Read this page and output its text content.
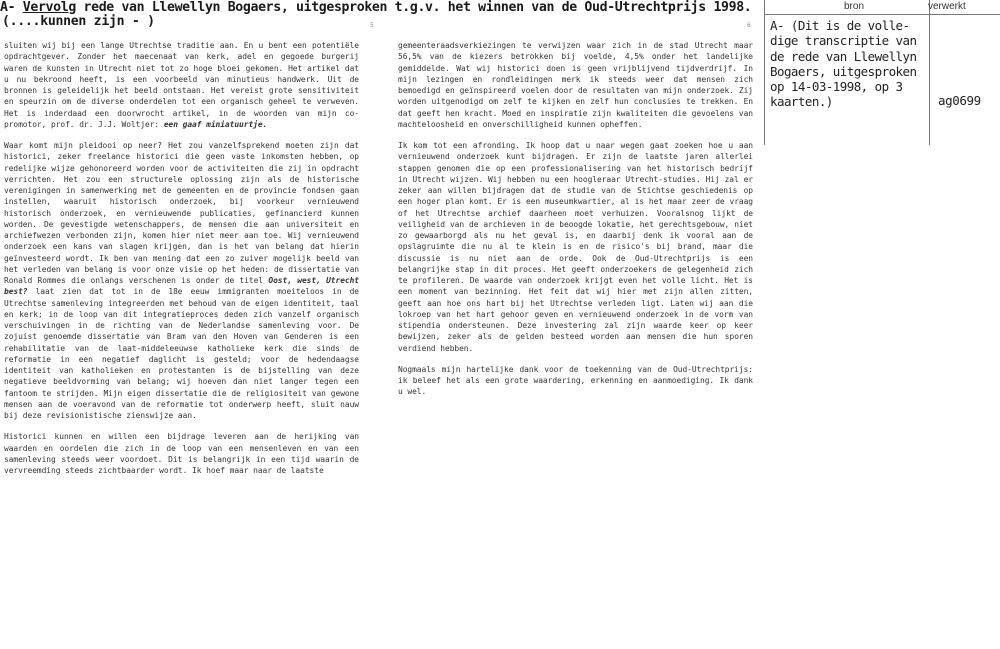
A- Vervolg rede van Llewellyn Bogaers, uitgesproken t.g.v. het winnen van de Oud-Utrechtprijs 1998.
(....kunnen zijn - )	5	6

sluiten wij bij een lange Utrechtse traditie aan. En u bent een potentiële opdrachtgever. Zonder het maecenaat van kerk, adel en gegoede burgerij waren de kunsten in Utrecht niet tot zo hoge bloei gekomen. Het artikel dat u nu bekroond heeft, is een voorbeeld van minutieus handwerk. Uit de bronnen is geleidelijk het beeld ontstaan. Het vereist grote sensitiviteit en speurzin om de diverse onderdelen tot een organisch geheel te verweven. Het is inderdaad een doorwrocht artikel, in de woorden van mijn co-promotor, prof. dr. J.J. Woltjer: een gaaf miniatuurtje.

Waar komt mijn pleidooi op neer? Het zou vanzelfsprekend moeten zijn dat historici, zeker freelance historici die geen vaste inkomsten hebben, op redelijke wijze gehonoreerd worden voor de activiteiten die zij in opdracht verrichten. Het zou een structurele oplossing zijn als de historische verenigingen in samenwerking met de gemeenten en de provincie fondsen gaan instellen, waaruit historisch onderzoek, bij voorkeur vernieuwend historisch onderzoek, en vernieuwende publicaties, gefinancierd kunnen worden. De gevestigde wetenschappers, de mensen die aan universiteit en archiefwezen verbonden zijn, komen hier niet meer aan toe. Wij vernieuwend onderzoek een kans van slagen krijgen, dan is het van belang dat hierin geïnvesteerd wordt. Ik ben van mening dat een zo zuiver mogelijk beeld van het verleden van belang is voor onze visie op het heden: de dissertatie van Ronald Rommes die onlangs verschenen is onder de titel Oost, west, Utrecht best? laat zien dat tot in de 18e eeuw immigranten moeiteloos in de Utrechtse samenleving integreerden met behoud van de eigen identiteit, taal en kerk; in de loop van dit integratieproces deden zich vanzelf organisch verschuivingen in de richting van de Nederlandse samenleving voor. De zojuist genoemde dissertatie van Bram van den Hoven van Genderen is een rehabilitatie van de laat-middeleeuwse katholieke kerk die sinds de reformatie in een negatief daglicht is gesteld; voor de hedendaagse identiteit van katholieken en protestanten is de bijstelling van deze negatieve beeldvorming van belang; wij hoeven dan niet langer tegen een fantoom te strijden. Mijn eigen dissertatie die de religiositeit van gewone mensen aan de voeravond van de reformatie tot onderwerp heeft, sluit nauw bij deze revisionistische zienswijze aan.

Historici kunnen en willen een bijdrage leveren aan de herijking van waarden en oordelen die zich in de loop van een mensenleven en van een samenleving steeds weer voordoet. Dit is belangrijk in een tijd waarin de vervreemding steeds zichtbaarder wordt. Ik hoef maar naar de laatste

gemeenteraadsverkiezingen te verwijzen waar zich in de stad Utrecht maar 56,5% van de kiezers betrokken bij voelde, 4,5% onder het landelijke gemiddelde. Wat wij historici doen is geen vrijblijvend tijdverdrijf. In mijn lezingen en rondleidingen merk ik steeds weer dat mensen zich bemoedigd en geïnspireerd voelen door de resultaten van mijn onderzoek. Zij worden uitgenodigd om zelf te kijken en zelf hun conclusies te trekken. En dat geeft hen kracht. Moed en inspiratie zijn kwaliteiten die gevoelens van machteloosheid en onverschilligheid kunnen opheffen.

Ik kom tot een afronding. Ik hoop dat u naar wegen gaat zoeken hoe u aan vernieuwend onderzoek kunt bijdragen. Er zijn de laatste jaren allerlei stappen genomen die op een professionalisering van het historisch bedrijf in Utrecht wijzen. Wij hebben nu een hoogleraar Utrecht-studies. Hij zal er zeker aan willen bijdragen dat de studie van de Stichtse geschiedenis op een hoger plan komt. Er is een museumkwartier, al is het maar zeer de vraag of het Utrechtse archief daarheen moet verhuizen. Vooralsnog lijkt de veiligheid van de archieven in de beoogde lokatie, het gerechtsgebouw, niet zo gewaarborgd als nu het geval is, en daarbij denk ik vooral aan de opslagruimte die nu al te klein is en de risico's bij brand, maar die discussie is nu niet aan de orde. Ook de Oud-Utrechtprijs is een belangrijke stap in dit proces. Het geeft onderzoekers de gelegenheid zich te profileren. De waarde van onderzoek krijgt even het volle licht. Het is een moment van bezinning. Het feit dat wij hier met zijn allen zitten, geeft aan hoe ons hart bij het Utrechtse verleden ligt. Laten wij aan die lokroep van het hart gehoor geven en vernieuwend onderzoek in de vorm van stipendia ondersteunen. Deze investering zal zijn waarde keer op keer bewijzen, zeker als de gelden besteed worden aan mensen die hun sporen verdiend hebben.

Nogmaals mijn hartelijke dank voor de toekenning van de Oud-Utrechtprijs: ik beleef het als een grote waardering, erkenning en aanmoediging. Ik dank u wel.

bron	verwerkt
A- (Dit is de volle- dige transcriptie van de rede van Llewellyn Bogaers, uitgesproken op 14-03-1998, op 3 kaarten.)	ag0699
